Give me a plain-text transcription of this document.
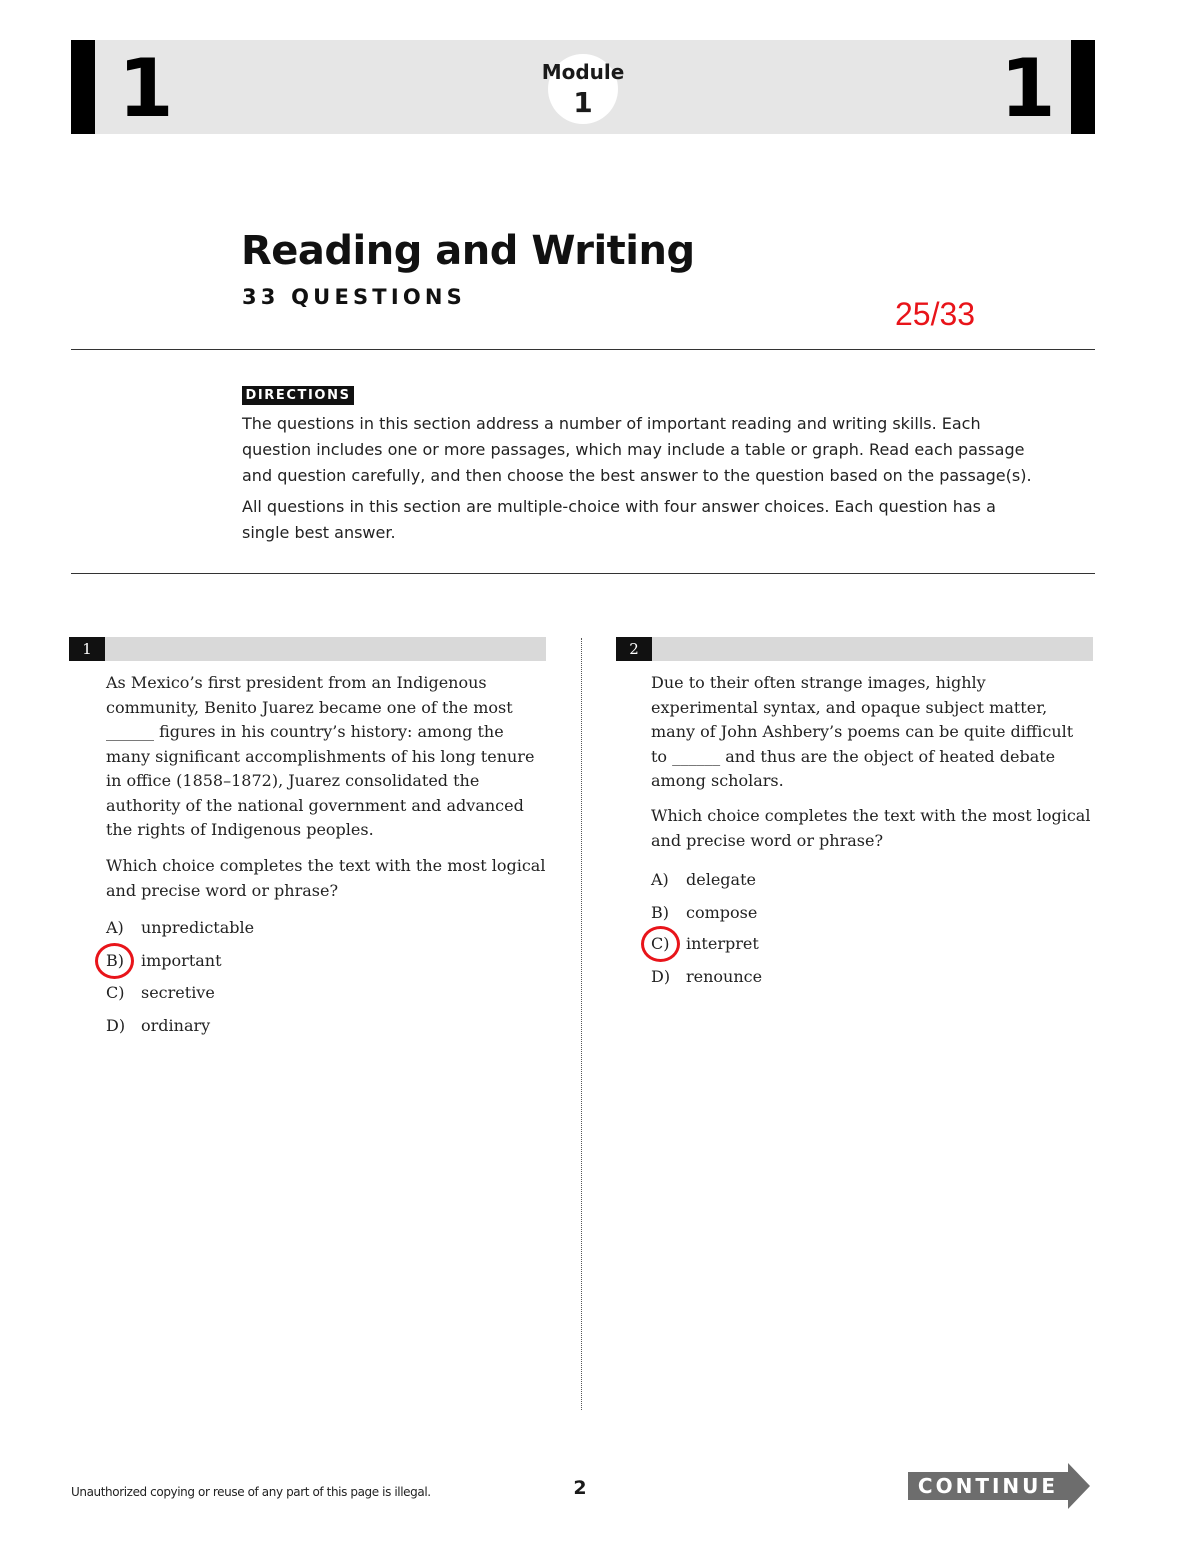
1	1
Module
1
Reading and Writing
33 QUESTIONS	25/33
DIRECTIONS

The questions in this section address a number of important reading and writing skills. Each question includes one or more passages, which may include a table or graph. Read each passage and question carefully, and then choose the best answer to the question based on the passage(s).

All questions in this section are multiple-choice with four answer choices. Each question has a single best answer.

1

As Mexico’s first president from an Indigenous community, Benito Juarez became one of the most ______ figures in his country’s history: among the many significant accomplishments of his long tenure in office (1858–1872), Juarez consolidated the authority of the national government and advanced the rights of Indigenous peoples.

Which choice completes the text with the most logical and precise word or phrase?

A) unpredictable
B) important
C) secretive
D) ordinary
2

Due to their often strange images, highly experimental syntax, and opaque subject matter, many of John Ashbery’s poems can be quite difficult to ______ and thus are the object of heated debate among scholars.

Which choice completes the text with the most logical and precise word or phrase?

A) delegate
B) compose
C) interpret
D) renounce
Unauthorized copying or reuse of any part of this page is illegal.	2	CONTINUE
